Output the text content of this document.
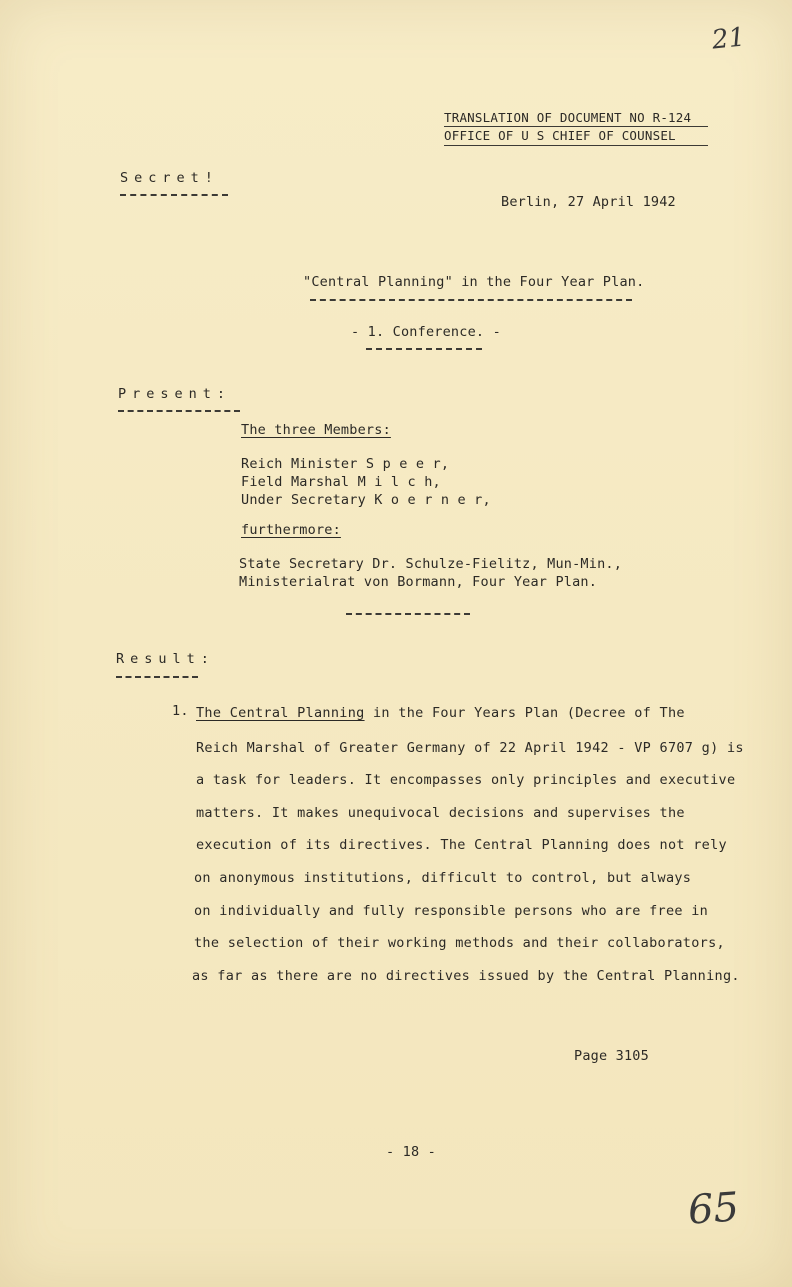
21
TRANSLATION OF DOCUMENT NO R-124
OFFICE OF U S CHIEF OF COUNSEL
Secret!
Berlin, 27 April 1942
"Central Planning" in the Four Year Plan.
- 1. Conference. -
Present:
The three Members:
Reich Minister S p e e r,
Field Marshal M i l c h,
Under Secretary K o e r n e r,
furthermore:
State Secretary Dr. Schulze-Fielitz, Mun-Min.,
Ministerialrat von Bormann, Four Year Plan.
Result:
1. The Central Planning in the Four Years Plan (Decree of The
Reich Marshal of Greater Germany of 22 April 1942 - VP 6707 g) is
a task for leaders. It encompasses only principles and executive
matters. It makes unequivocal decisions and supervises the
execution of its directives. The Central Planning does not rely
on anonymous institutions, difficult to control, but always
on individually and fully responsible persons who are free in
the selection of their working methods and their collaborators,
as far as there are no directives issued by the Central Planning.
Page 3105
- 18 -
65
